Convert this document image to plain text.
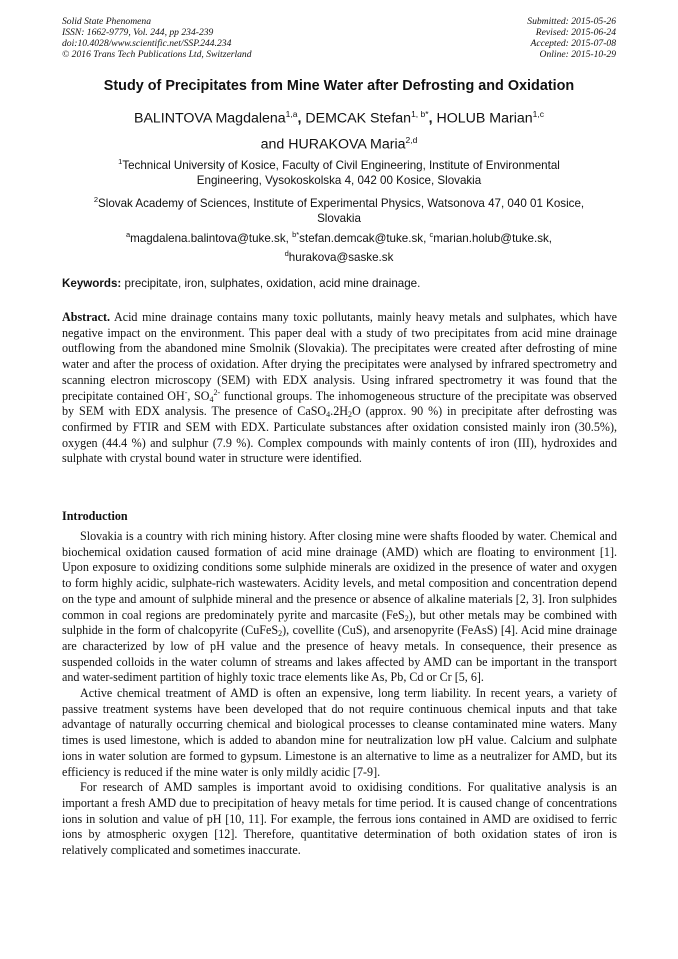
Solid State Phenomena
ISSN: 1662-9779, Vol. 244, pp 234-239
doi:10.4028/www.scientific.net/SSP.244.234
© 2016 Trans Tech Publications Ltd, Switzerland
Submitted: 2015-05-26
Revised: 2015-06-24
Accepted: 2015-07-08
Online: 2015-10-29
Study of Precipitates from Mine Water after Defrosting and Oxidation
BALINTOVA Magdalena$^{1,a}$, DEMCAK Stefan$^{1, b*}$, HOLUB Marian$^{1,c}$
and HURAKOVA Maria$^{2,d}$
$^1$Technical University of Kosice, Faculty of Civil Engineering, Institute of Environmental
Engineering, Vysokoskolska 4, 042 00 Kosice, Slovakia
$^2$Slovak Academy of Sciences, Institute of Experimental Physics, Watsonova 47, 040 01 Kosice,
Slovakia
$^a$magdalena.balintova@tuke.sk, $^{b*}$stefan.demcak@tuke.sk, $^c$marian.holub@tuke.sk,
$^d$hurakova@saske.sk
Keywords: precipitate, iron, sulphates, oxidation, acid mine drainage.
Abstract. Acid mine drainage contains many toxic pollutants, mainly heavy metals and sulphates, which have negative impact on the environment. This paper deal with a study of two precipitates from acid mine drainage outflowing from the abandoned mine Smolnik (Slovakia). The precipitates were created after defrosting of mine water and after the process of oxidation. After drying the precipitates were analysed by infrared spectrometry and scanning electron microscopy (SEM) with EDX analysis. Using infrared spectrometry it was found that the precipitate contained OH-, $SO_4^{2-}$ functional groups. The inhomogeneous structure of the precipitate was observed by SEM with EDX analysis. The presence of $CaSO_4.2H_2O$ (approx. 90 %) in precipitate after defrosting was confirmed by FTIR and SEM with EDX. Particulate substances after oxidation consisted mainly iron (30.5%), oxygen (44.4 %) and sulphur (7.9 %). Complex compounds with mainly contents of iron (III), hydroxides and sulphate with crystal bound water in structure were identified.
Introduction

Slovakia is a country with rich mining history. After closing mine were shafts flooded by water. Chemical and biochemical oxidation caused formation of acid mine drainage (AMD) which are floating to environment [1]. Upon exposure to oxidizing conditions some sulphide minerals are oxidized in the presence of water and oxygen to form highly acidic, sulphate-rich wastewaters. Acidity levels, and metal composition and concentration depend on the type and amount of sulphide mineral and the presence or absence of alkaline materials [2, 3]. Iron sulphides common in coal regions are predominately pyrite and marcasite (FeS$_2$), but other metals may be combined with sulphide in the form of chalcopyrite (CuFeS$_2$), covellite (CuS), and arsenopyrite (FeAsS) [4]. Acid mine drainage are characterized by low of pH value and the presence of heavy metals. In consequence, their presence as suspended colloids in the water column of streams and lakes affected by AMD can be important in the transport and water-sediment partition of highly toxic trace elements like As, Pb, Cd or Cr [5, 6].

Active chemical treatment of AMD is often an expensive, long term liability. In recent years, a variety of passive treatment systems have been developed that do not require continuous chemical inputs and that take advantage of naturally occurring chemical and biological processes to cleanse contaminated mine waters. Many times is used limestone, which is added to abandon mine for neutralization low pH value. Calcium and sulphate ions in water solution are formed to gypsum. Limestone is an alternative to lime as a neutralizer for AMD, but its efficiency is reduced if the mine water is only mildly acidic [7-9].

For research of AMD samples is important avoid to oxidising conditions. For qualitative analysis is an important a fresh AMD due to precipitation of heavy metals for time period. It is caused change of concentrations ions in solution and value of pH [10, 11]. For example, the ferrous ions contained in AMD are oxidised to ferric ions by atmospheric oxygen [12]. Therefore, quantitative determination of both oxidation states of iron is relatively complicated and sometimes inaccurate.
